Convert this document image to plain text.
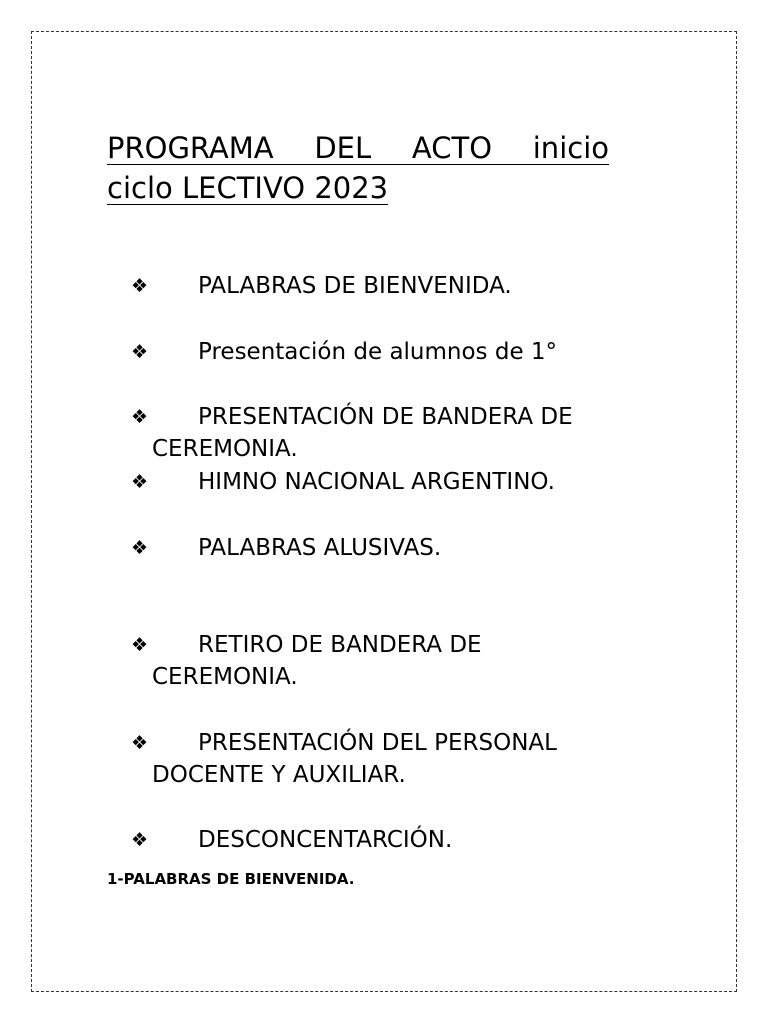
PROGRAMA DEL ACTO inicio
ciclo LECTIVO 2023
❖	PALABRAS DE BIENVENIDA.
❖	Presentación de alumnos de 1°
❖	PRESENTACIÓN DE BANDERA DE
CEREMONIA.
❖	HIMNO NACIONAL ARGENTINO.
❖	PALABRAS ALUSIVAS.
❖	RETIRO DE BANDERA DE
CEREMONIA.
❖	PRESENTACIÓN DEL PERSONAL
DOCENTE Y AUXILIAR.
❖	DESCONCENTARCIÓN.
1-PALABRAS DE BIENVENIDA.
